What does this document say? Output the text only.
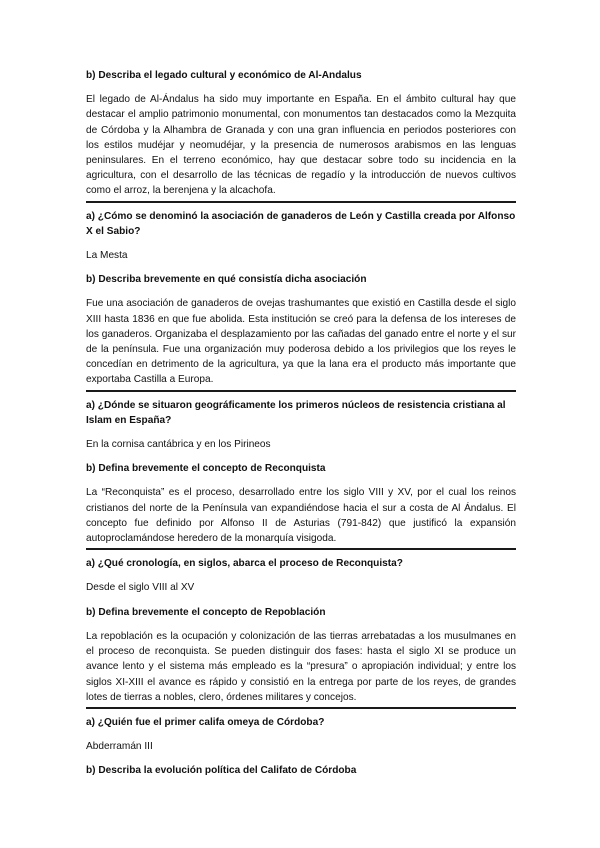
b) Describa el legado cultural y económico de Al-Andalus

El legado de Al-Ándalus ha sido muy importante en España. En el ámbito cultural hay que destacar el amplio patrimonio monumental, con monumentos tan destacados como la Mezquita de Córdoba y la Alhambra de Granada y con una gran influencia en periodos posteriores con los estilos mudéjar y neomudéjar, y la presencia de numerosos arabismos en las lenguas peninsulares. En el terreno económico, hay que destacar sobre todo su incidencia en la agricultura, con el desarrollo de las técnicas de regadío y la introducción de nuevos cultivos como el arroz, la berenjena y la alcachofa.

a) ¿Cómo se denominó la asociación de ganaderos de León y Castilla creada por Alfonso X el Sabio?

La Mesta

b) Describa brevemente en qué consistía dicha asociación

Fue una asociación de ganaderos de ovejas trashumantes que existió en Castilla desde el siglo XIII hasta 1836 en que fue abolida. Esta institución se creó para la defensa de los intereses de los ganaderos. Organizaba el desplazamiento por las cañadas del ganado entre el norte y el sur de la península. Fue una organización muy poderosa debido a los privilegios que los reyes le concedían en detrimento de la agricultura, ya que la lana era el producto más importante que exportaba Castilla a Europa.

a) ¿Dónde se situaron geográficamente los primeros núcleos de resistencia cristiana al Islam en España?

En la cornisa cantábrica y en los Pirineos

b) Defina brevemente el concepto de Reconquista

La “Reconquista” es el proceso, desarrollado entre los siglo VIII y XV, por el cual los reinos cristianos del norte de la Península van expandiéndose hacia el sur a costa de Al Ándalus. El concepto fue definido por Alfonso II de Asturias (791-842) que justificó la expansión autoproclamándose heredero de la monarquía visigoda.

a) ¿Qué cronología, en siglos, abarca el proceso de Reconquista?

Desde el siglo VIII al XV

b) Defina brevemente el concepto de Repoblación

La repoblación es la ocupación y colonización de las tierras arrebatadas a los musulmanes en el proceso de reconquista. Se pueden distinguir dos fases: hasta el siglo XI se produce un avance lento y el sistema más empleado es la “presura” o apropiación individual; y entre los siglos XI-XIII el avance es rápido y consistió en la entrega por parte de los reyes, de grandes lotes de tierras a nobles, clero, órdenes militares y concejos.

a) ¿Quién fue el primer califa omeya de Córdoba?

Abderramán III

b) Describa la evolución política del Califato de Córdoba
